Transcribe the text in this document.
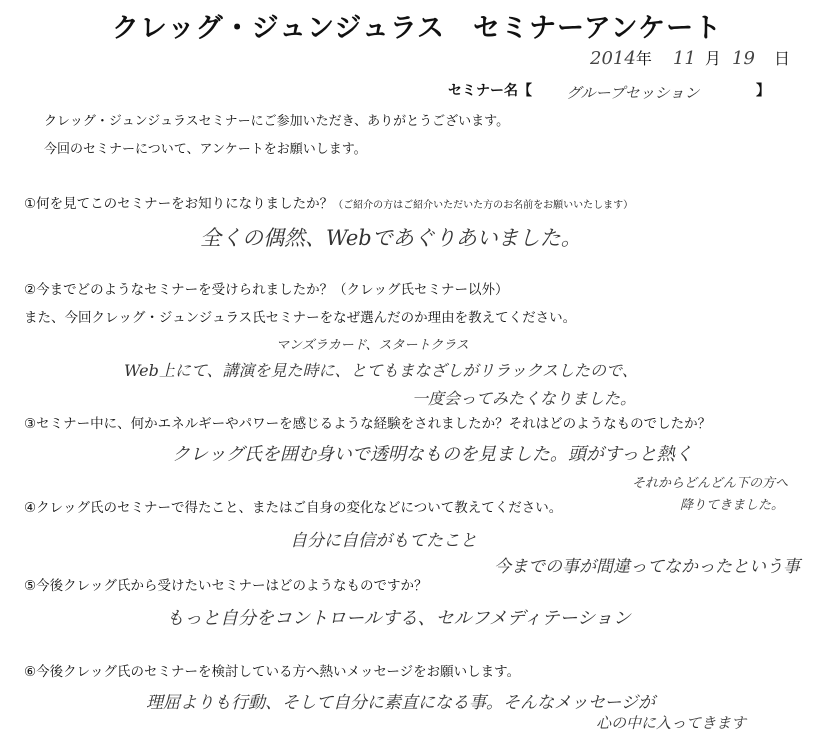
クレッグ・ジュンジュラス　セミナーアンケート
2014年 11 月 19 日
セミナー名【 グループセッション	】
クレッグ・ジュンジュラスセミナーにご参加いただき、ありがとうございます。
今回のセミナーについて、アンケートをお願いします。
①何を見てこのセミナーをお知りになりましたか？（ご紹介の方はご紹介いただいた方のお名前をお願いいたします）
全くの偶然、Webであぐりあいました。
②今までどのようなセミナーを受けられましたか？（クレッグ氏セミナー以外）
また、今回クレッグ・ジュンジュラス氏セミナーをなぜ選んだのか理由を教えてください。
マンズラカード、スタートクラス
Web上にて、講演を見た時に、とてもまなざしがリラックスしたので、
一度会ってみたくなりました。
③セミナー中に、何かエネルギーやパワーを感じるような経験をされましたか？それはどのようなものでしたか？
クレッグ氏を囲む身いで透明なものを見ました。頭がすっと熱く
それからどんどん下の方へ
降りてきました。
④クレッグ氏のセミナーで得たこと、またはご自身の変化などについて教えてください。
自分に自信がもてたこと
今までの事が間違ってなかったという事
⑤今後クレッグ氏から受けたいセミナーはどのようなものですか？
もっと自分をコントロールする、セルフメディテーション
⑥今後クレッグ氏のセミナーを検討している方へ熱いメッセージをお願いします。
理屈よりも行動、そして自分に素直になる事。そんなメッセージが
心の中に入ってきます
